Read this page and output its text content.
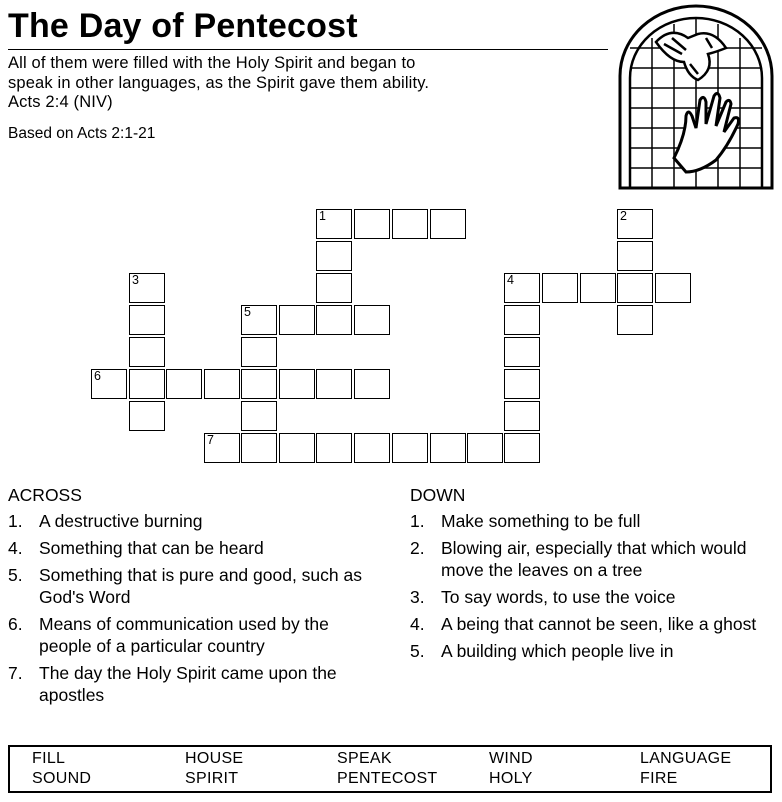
The Day of Pentecost

All of them were filled with the Holy Spirit and began to

speak in other languages, as the Spirit gave them ability.

Acts 2:4 (NIV)

Based on Acts 2:1-21
1	2
3	4
5
6
7
ACROSS
1. A destructive burning
4. Something that can be heard
5. Something that is pure and good, such as God's Word
6. Means of communication used by the people of a particular country
7. The day the Holy Spirit came upon the apostles
DOWN
1. Make something to be full
2. Blowing air, especially that which would move the leaves on a tree
3. To say words, to use the voice
4. A being that cannot be seen, like a ghost
5. A building which people live in
FILL	HOUSE	SPEAK	WIND	LANGUAGE
SOUND	SPIRIT	PENTECOST	HOLY	FIRE
